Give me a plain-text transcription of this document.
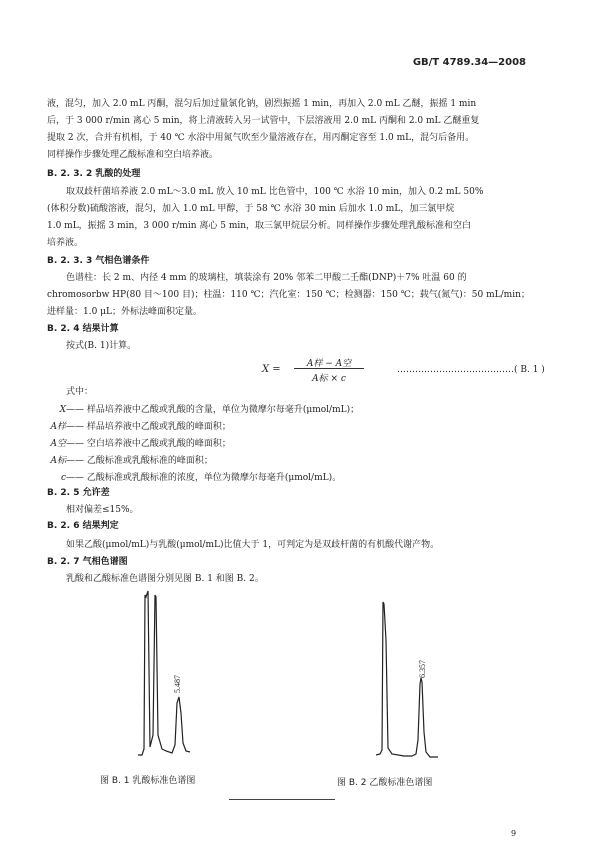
GB/T 4789.34—2008
液，混匀，加入 2.0 mL 丙酮，混匀后加过量氯化钠，剧烈振摇 1 min，再加入 2.0 mL 乙醚，振摇 1 min
后，于 3 000 r/min 离心 5 min，将上清液转入另一试管中，下层溶液用 2.0 mL 丙酮和 2.0 mL 乙醚重复
提取 2 次，合并有机相，于 40 ℃ 水浴中用氮气吹至少量溶液存在，用丙酮定容至 1.0 mL，混匀后备用。
同样操作步骤处理乙酸标准和空白培养液。
B. 2. 3. 2 乳酸的处理
取双歧杆菌培养液 2.0 mL～3.0 mL 放入 10 mL 比色管中，100 ℃ 水浴 10 min，加入 0.2 mL 50%
(体积分数)硫酸溶液，混匀，加入 1.0 mL 甲醇，于 58 ℃ 水浴 30 min 后加水 1.0 mL，加三氯甲烷
1.0 mL，振摇 3 min，3 000 r/min 离心 5 min，取三氯甲烷层分析。同样操作步骤处理乳酸标准和空白
培养液。
B. 2. 3. 3 气相色谱条件
色谱柱：长 2 m、内径 4 mm 的玻璃柱，填装涂有 20% 邻苯二甲酸二壬酯(DNP)＋7% 吐温 60 的
chromosorbw HP(80 目～100 目)；柱温：110 ℃；汽化室：150 ℃；检测器：150 ℃；载气(氮气)：50 mL/min；
进样量：1.0 μL；外标法峰面积定量。
B. 2. 4 结果计算
按式(B. 1)计算。
X =	A样 − A空
A标 × c
…………………………………( B. 1 )
式中：
X—— 样品培养液中乙酸或乳酸的含量，单位为微摩尔每毫升(μmol/mL)；
A样—— 样品培养液中乙酸或乳酸的峰面积；
A空—— 空白培养液中乙酸或乳酸的峰面积；
A标—— 乙酸标准或乳酸标准的峰面积；
c—— 乙酸标准或乳酸标准的浓度，单位为微摩尔每毫升(μmol/mL)。
B. 2. 5 允许差
相对偏差≤15%。
B. 2. 6 结果判定
如果乙酸(μmol/mL)与乳酸(μmol/mL)比值大于 1，可判定为是双歧杆菌的有机酸代谢产物。
B. 2. 7 气相色谱图
乳酸和乙酸标准色谱图分别见图 B. 1 和图 B. 2。
5.487
图 B. 1 乳酸标准色谱图
6.357
图 B. 2 乙酸标准色谱图
9
